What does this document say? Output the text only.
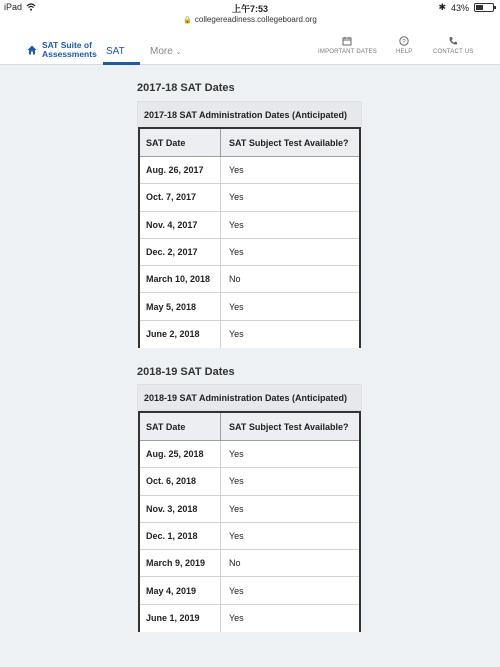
iPad	上午7:53	✱ 43%
🔒 collegereadiness.collegeboard.org
SAT Suite of
Assessments SAT	More ⌄	IMPORTANT DATES
?
HELP	CONTACT US
2017-18 SAT Dates
2017-18 SAT Administration Dates (Anticipated)
SAT Date	SAT Subject Test Available?
Aug. 26, 2017	Yes
Oct. 7, 2017	Yes
Nov. 4, 2017	Yes
Dec. 2, 2017	Yes
March 10, 2018	No
May 5, 2018	Yes
June 2, 2018	Yes
2018-19 SAT Dates
2018-19 SAT Administration Dates (Anticipated)
SAT Date	SAT Subject Test Available?
Aug. 25, 2018	Yes
Oct. 6, 2018	Yes
Nov. 3, 2018	Yes
Dec. 1, 2018	Yes
March 9, 2019	No
May 4, 2019	Yes
June 1, 2019	Yes
